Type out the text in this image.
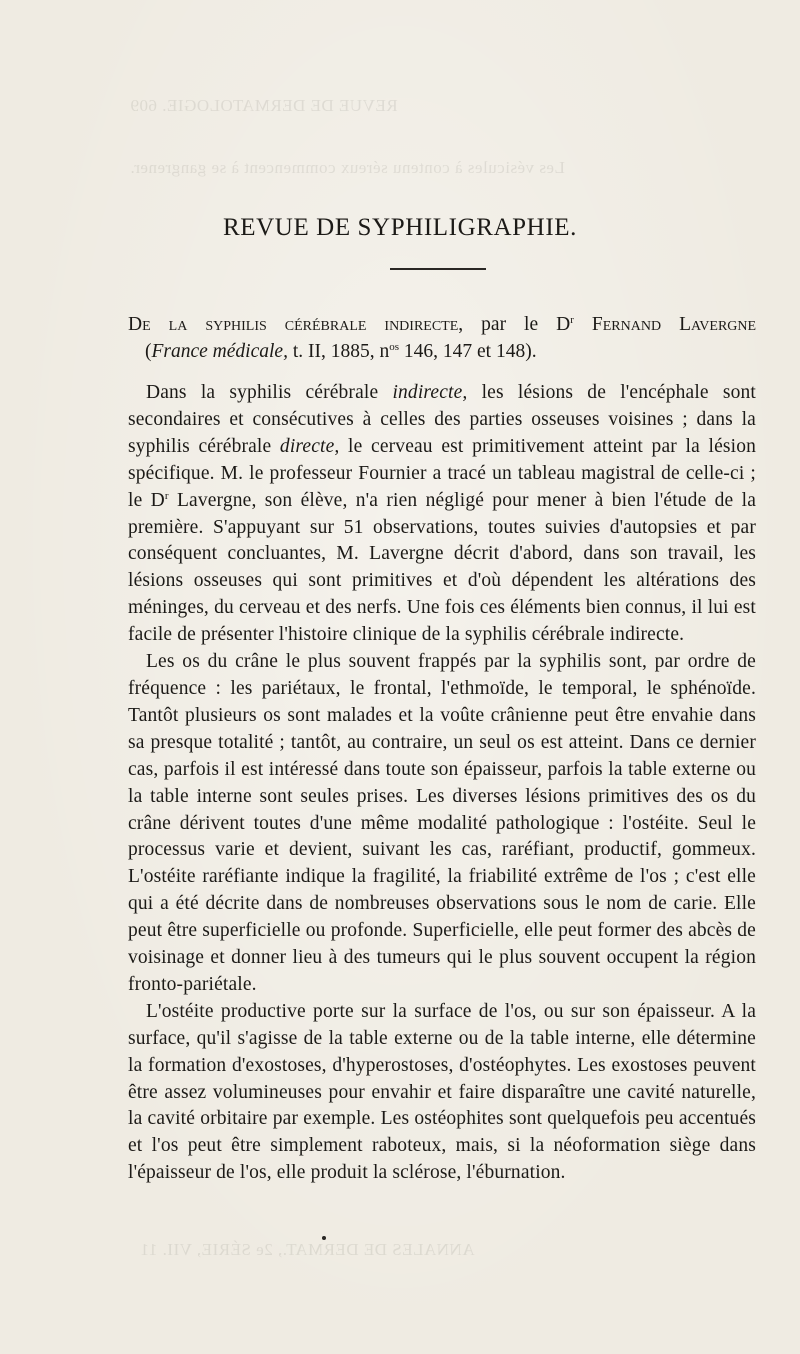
REVUE DE DERMATOLOGIE. 609
Les vésicules à contenu séreux commencent à se gangrener.
ANNALES DE DERMAT., 2e SÉRIE, VII. 11
REVUE DE SYPHILIGRAPHIE.
De la syphilis cérébrale indirecte, par le $D^r$ Fernand Lavergne
(France médicale, t. II, 1885, $n^{os}$ 146, 147 et 148).

Dans la syphilis cérébrale indirecte, les lésions de l'encéphale sont secondaires et consécutives à celles des parties osseuses voisines ; dans la syphilis cérébrale directe, le cerveau est primitivement atteint par la lésion spécifique. M. le professeur Fournier a tracé un tableau magistral de celle-ci ; le $D^r$ Lavergne, son élève, n'a rien négligé pour mener à bien l'étude de la première. S'appuyant sur 51 observations, toutes suivies d'autopsies et par conséquent concluantes, M. Lavergne décrit d'abord, dans son travail, les lésions osseuses qui sont primitives et d'où dépendent les altérations des méninges, du cerveau et des nerfs. Une fois ces éléments bien connus, il lui est facile de présenter l'histoire clinique de la syphilis cérébrale indirecte.

Les os du crâne le plus souvent frappés par la syphilis sont, par ordre de fréquence : les pariétaux, le frontal, l'ethmoïde, le temporal, le sphénoïde. Tantôt plusieurs os sont malades et la voûte crânienne peut être envahie dans sa presque totalité ; tantôt, au contraire, un seul os est atteint. Dans ce dernier cas, parfois il est intéressé dans toute son épaisseur, parfois la table externe ou la table interne sont seules prises. Les diverses lésions primitives des os du crâne dérivent toutes d'une même modalité pathologique : l'ostéite. Seul le processus varie et devient, suivant les cas, raréfiant, productif, gommeux. L'ostéite raréfiante indique la fragilité, la friabilité extrême de l'os ; c'est elle qui a été décrite dans de nombreuses observations sous le nom de carie. Elle peut être superficielle ou profonde. Superficielle, elle peut former des abcès de voisinage et donner lieu à des tumeurs qui le plus souvent occupent la région fronto-pariétale.

L'ostéite productive porte sur la surface de l'os, ou sur son épaisseur. A la surface, qu'il s'agisse de la table externe ou de la table interne, elle détermine la formation d'exostoses, d'hyperostoses, d'ostéophytes. Les exostoses peuvent être assez volumineuses pour envahir et faire disparaître une cavité naturelle, la cavité orbitaire par exemple. Les ostéophites sont quelquefois peu accentués et l'os peut être simplement raboteux, mais, si la néoformation siège dans l'épaisseur de l'os, elle produit la sclérose, l'éburnation.
